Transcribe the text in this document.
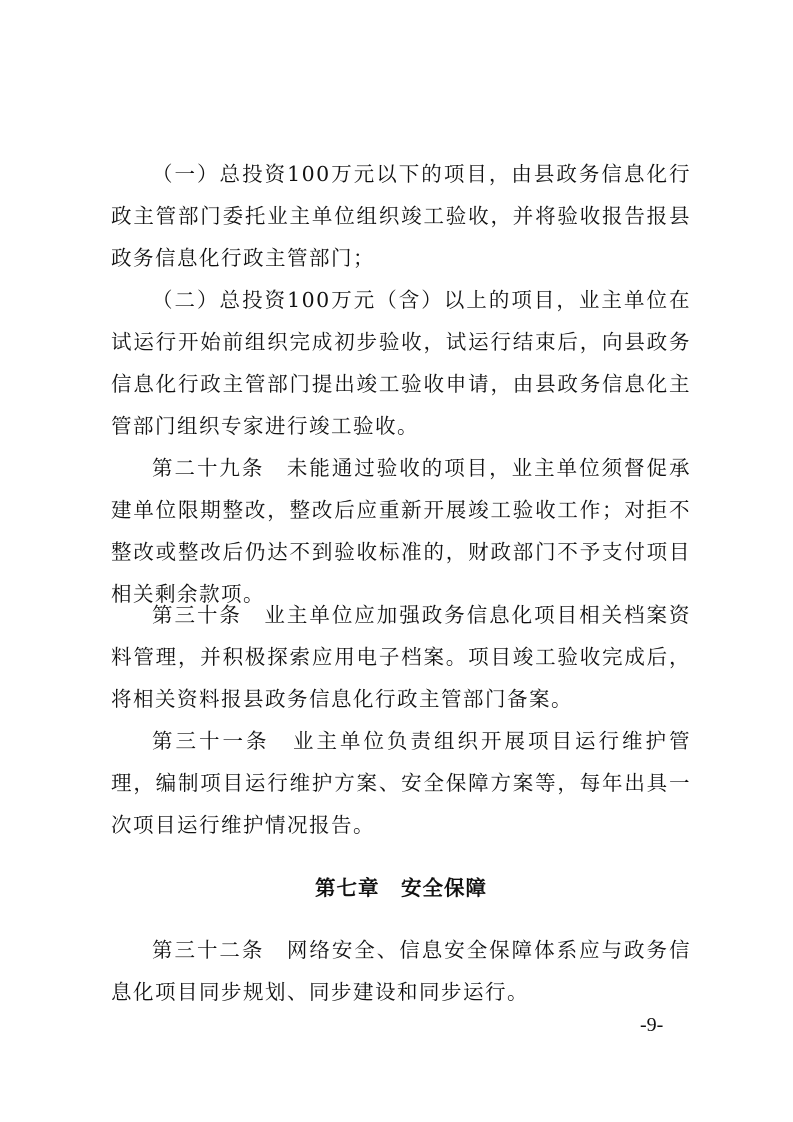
（一）总投资100万元以下的项目，由县政务信息化行政主管部门委托业主单位组织竣工验收，并将验收报告报县政务信息化行政主管部门；

（二）总投资100万元（含）以上的项目，业主单位在试运行开始前组织完成初步验收，试运行结束后，向县政务信息化行政主管部门提出竣工验收申请，由县政务信息化主管部门组织专家进行竣工验收。

第二十九条　未能通过验收的项目，业主单位须督促承建单位限期整改，整改后应重新开展竣工验收工作；对拒不整改或整改后仍达不到验收标准的，财政部门不予支付项目相关剩余款项。

第三十条　业主单位应加强政务信息化项目相关档案资料管理，并积极探索应用电子档案。项目竣工验收完成后，将相关资料报县政务信息化行政主管部门备案。

第三十一条　业主单位负责组织开展项目运行维护管理，编制项目运行维护方案、安全保障方案等，每年出具一次项目运行维护情况报告。

第七章　安全保障

第三十二条　网络安全、信息安全保障体系应与政务信息化项目同步规划、同步建设和同步运行。

-9-
